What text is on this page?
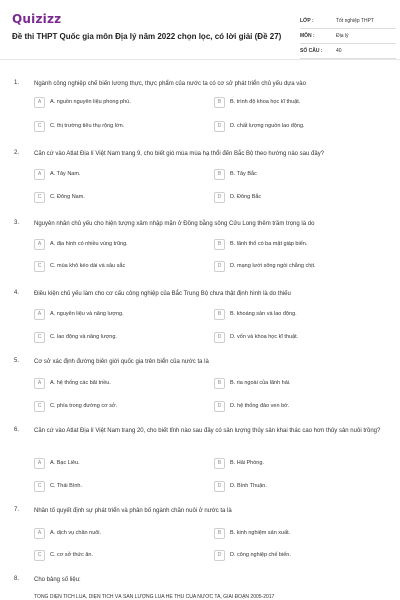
Quizizz
Đề thi THPT Quốc gia môn Địa lý năm 2022 chọn lọc, có lời giải (Đề 27)
LỚP :	Tốt nghiệp THPT
MÔN :	Địa lý
SỐ CÂU :	40
1. Ngành công nghiệp chế biến lương thực, thực phẩm của nước ta có cơ sở phát triển chủ yếu dựa vào
A	A. nguồn nguyên liệu phong phú.	B	B. trình độ khoa học kĩ thuật.
C	C. thị trường tiêu thụ rộng lớn.	D	D. chất lượng nguồn lao động.
2. Căn cứ vào Atlat Địa lí Việt Nam trang 9, cho biết gió mùa mùa hạ thổi đến Bắc Bộ theo hướng nào sau đây?
A	A. Tây Nam.	B	B. Tây Bắc
C	C. Đông Nam.	D	D. Đông Bắc
3. Nguyên nhân chủ yếu cho hiện tượng xâm nhập mặn ở Đồng bằng sông Cửu Long thêm trầm trọng là do
A	A. địa hình có nhiều vùng trũng.	B	B. lãnh thổ có ba mặt giáp biển.
C	C. mùa khô kéo dài và sâu sắc	D	D. mạng lưới sông ngòi chằng chịt.
4. Điều kiện chủ yếu làm cho cơ cấu công nghiệp của Bắc Trung Bộ chưa thật định hình là do thiếu
A	A. nguyên liệu và năng lượng.	B	B. khoáng sản và lao động.
C	C. lao động và năng lượng.	D	D. vốn và khoa học kĩ thuật.
5. Cơ sở xác định đường biên giới quốc gia trên biển của nước ta là
A	A. hệ thống các bãi triều.	B	B. ria ngoài của lãnh hải.
C	C. phía trong đường cơ sở.	D	D. hệ thống đảo ven bờ.
6. Căn cứ vào Atlat Địa lí Việt Nam trang 20, cho biết tỉnh nào sau đây có sản lượng thủy sản khai thác cao hơn thủy sản nuôi trồng?
A	A. Bạc Liêu.	B	B. Hải Phòng.
C	C. Thái Bình.	D	D. Bình Thuận.
7. Nhân tố quyết định sự phát triển và phân bố ngành chăn nuôi ở nước ta là
A	A. dịch vụ chăn nuôi.	B	B. kinh nghiệm sản xuất.
C	C. cơ sở thức ăn.	D	D. công nghiệp chế biến.
8. Cho bảng số liệu:
TỔNG DIỆN TÍCH LÚA, DIỆN TÍCH VÀ SẢN LƯỢNG LÚA HÈ THU CỦA NƯỚC TA, GIAI ĐOẠN 2005-2017
